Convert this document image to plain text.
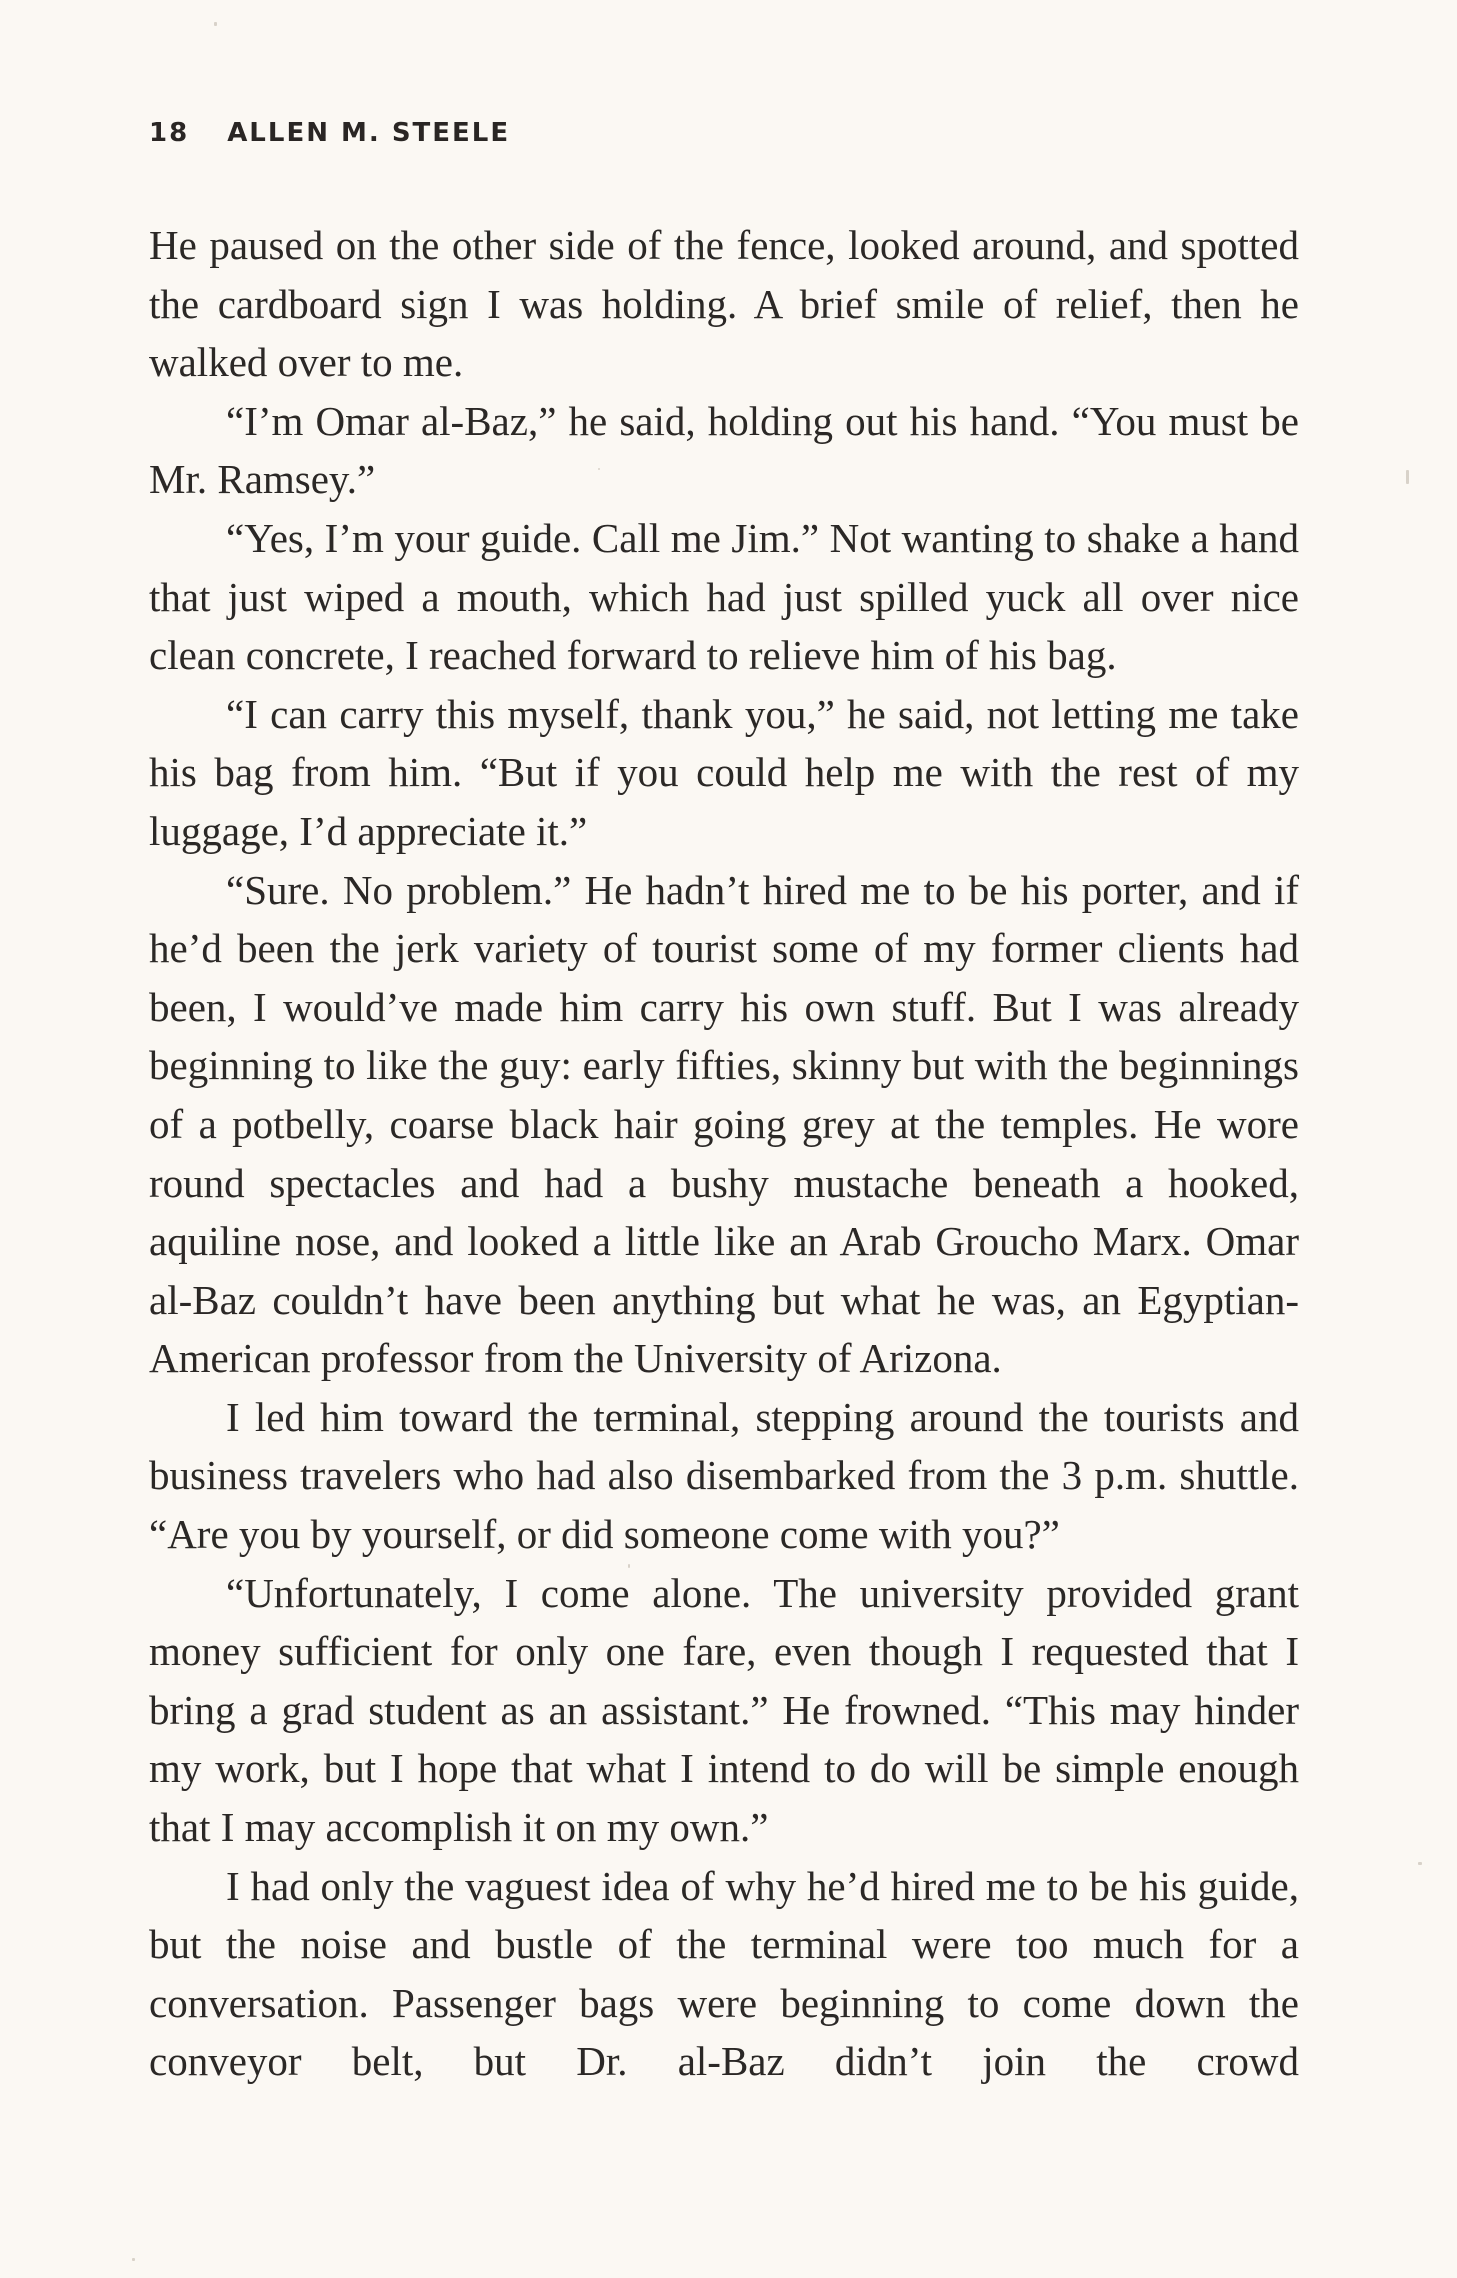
18 ALLEN M. STEELE

He paused on the other side of the fence, looked around, and spotted the cardboard sign I was holding. A brief smile of relief, then he walked over to me.

“I’m Omar al-Baz,” he said, holding out his hand. “You must be Mr. Ramsey.”

“Yes, I’m your guide. Call me Jim.” Not wanting to shake a hand that just wiped a mouth, which had just spilled yuck all over nice clean concrete, I reached forward to relieve him of his bag.

“I can carry this myself, thank you,” he said, not letting me take his bag from him. “But if you could help me with the rest of my luggage, I’d appreciate it.”

“Sure. No problem.” He hadn’t hired me to be his porter, and if he’d been the jerk variety of tourist some of my former clients had been, I would’ve made him carry his own stuff. But I was already beginning to like the guy: early fifties, skinny but with the beginnings of a potbelly, coarse black hair going grey at the temples. He wore round spectacles and had a bushy mustache beneath a hooked, aquiline nose, and looked a little like an Arab Groucho Marx. Omar al-Baz couldn’t have been anything but what he was, an Egyptian-American professor from the University of Arizona.

I led him toward the terminal, stepping around the tourists and business travelers who had also disembarked from the 3 p.m. shuttle. “Are you by yourself, or did someone come with you?”

“Unfortunately, I come alone. The university provided grant money sufficient for only one fare, even though I requested that I bring a grad student as an assistant.” He frowned. “This may hinder my work, but I hope that what I intend to do will be simple enough that I may accomplish it on my own.”

I had only the vaguest idea of why he’d hired me to be his guide, but the noise and bustle of the terminal were too much for a conversation. Passenger bags were beginning to come down the conveyor belt, but Dr. al-Baz didn’t join the crowd
